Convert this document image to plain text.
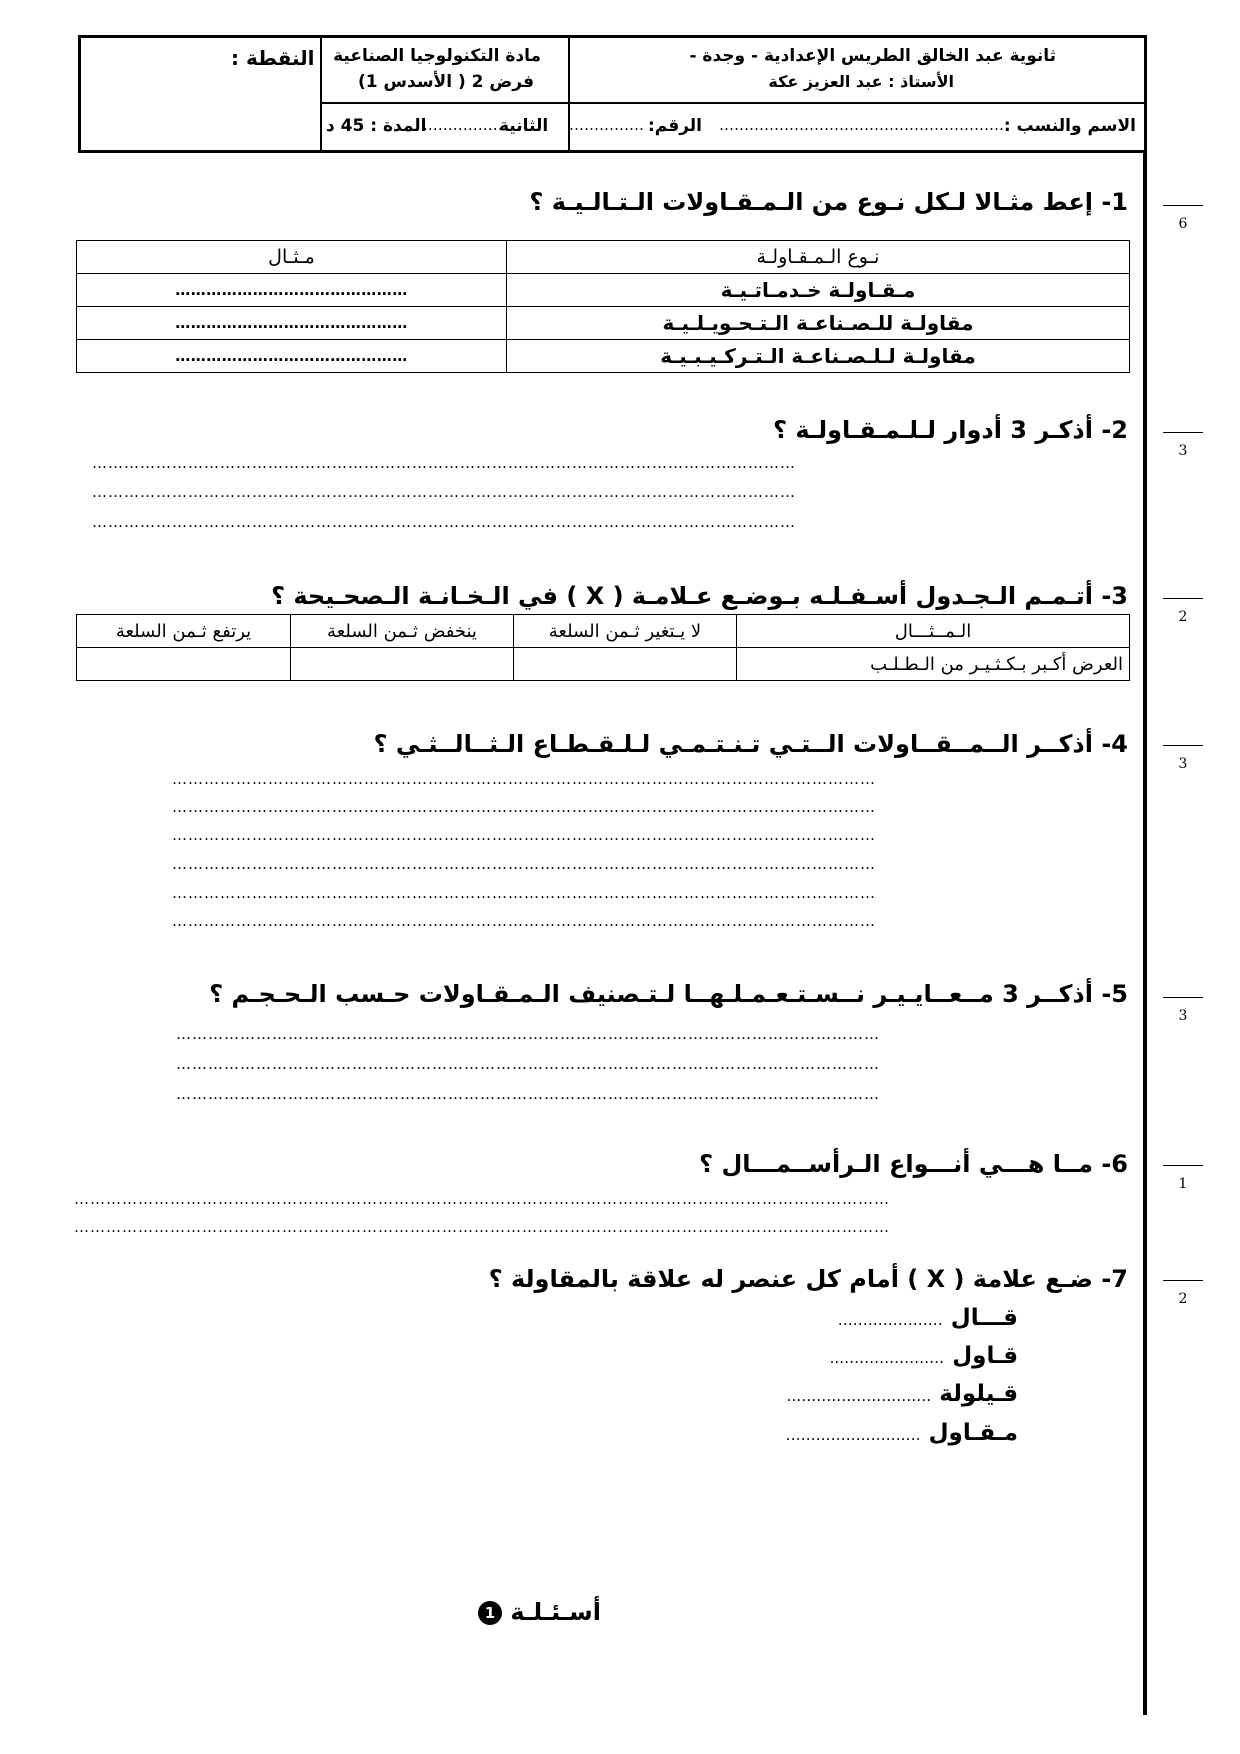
ثانوية عبد الخالق الطريس الإعدادية - وجدة -
الأستاذ : عبد العزيز عكة
مادة التكنولوجيا الصناعية
فرض 2 ( الأسدس 1)
النقطة :
الاسم والنسب :
…………………………………………………
الرقم:
……………
الثانية
…………….
المدة : 45 د
6
3
2
3
3
1
2
1- إعط مثـالا لـكل نـوع من الـمـقـاولات الـتـالـيـة ؟
نـوع الـمـقـاولـة	مـثـال
مـقـاولـة خـدمـاتـيـة	………………………………………
مقاولـة للـصـناعـة الـتـحـويـلـيـة	………………………………………
مقاولـة لـلـصـناعـة الـتـركـيـبـيـة	………………………………………
2- أذكـر 3 أدوار لـلـمـقـاولـة ؟
……………………………………………………………………………………………………………………
……………………………………………………………………………………………………………………
……………………………………………………………………………………………………………………
3- أتـمـم الـجـدول أسـفـلـه بـوضـع عـلامـة ( X ) في الـخـانـة الـصحـيحة ؟
الـمــثـــال	لا يـتغير ثـمن السلعة	ينخفض ثـمن السلعة	يرتفع ثـمن السلعة
العرض أكـبر بـكـثـيـر من الـطـلـب			
4- أذكــر الــمــقــاولات الــتـي تـنـتـمـي لـلـقـطـاع الـثــالــثـي ؟
……………………………………………………………………………………………………………………
……………………………………………………………………………………………………………………
……………………………………………………………………………………………………………………
……………………………………………………………………………………………………………………
……………………………………………………………………………………………………………………
……………………………………………………………………………………………………………………
5- أذكــر 3 مــعــايـيـر نــسـتـعـمـلـهــا لـتـصنيف الـمـقـاولات حـسب الـحـجـم ؟
……………………………………………………………………………………………………………………
……………………………………………………………………………………………………………………
……………………………………………………………………………………………………………………
6- مــا هـــي أنـــواع الـرأســمـــال ؟
………………………………………………………………………………………………………………………………………
………………………………………………………………………………………………………………………………………
7- ضـع علامة ( X ) أمام كل عنصر له علاقة بالمقاولة ؟
قـــال …………………
قـاول …………………..
قـيلولة ………………………..
مـقـاول ………………………
أسـئـلـة 1
